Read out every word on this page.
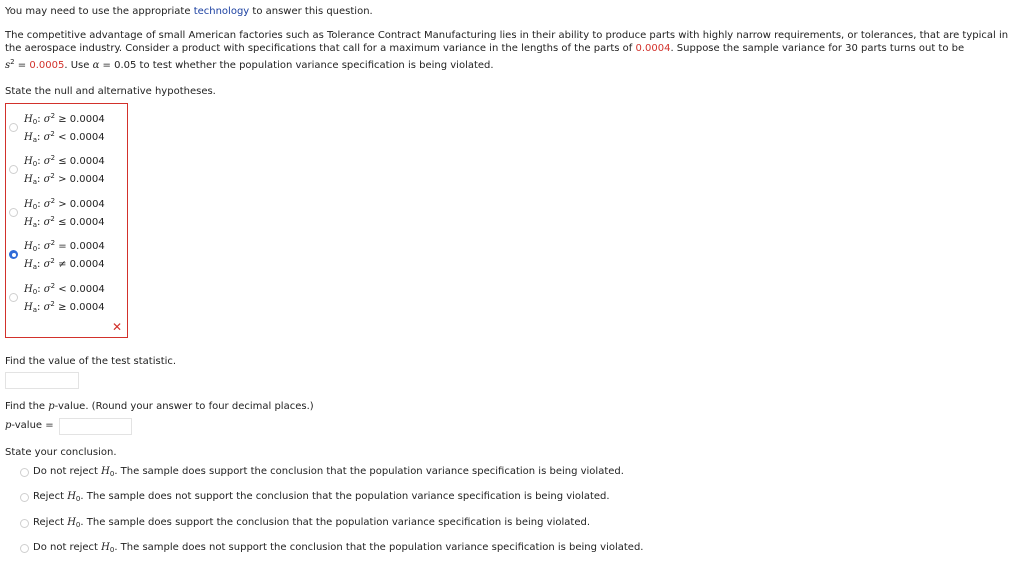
You may need to use the appropriate technology to answer this question.
The competitive advantage of small American factories such as Tolerance Contract Manufacturing lies in their ability to produce parts with highly narrow requirements, or tolerances, that are typical in
the aerospace industry. Consider a product with specifications that call for a maximum variance in the lengths of the parts of 0.0004. Suppose the sample variance for 30 parts turns out to be
$s^2 = 0.0005$. Use α = 0.05 to test whether the population variance specification is being violated.
State the null and alternative hypotheses.
$H_0$: $\sigma^2 \ge 0.0004$
$H_a$: $\sigma^2 < 0.0004$
$H_0$: $\sigma^2 \le 0.0004$
$H_a$: $\sigma^2 > 0.0004$
$H_0$: $\sigma^2 > 0.0004$
$H_a$: $\sigma^2 \le 0.0004$
$H_0$: $\sigma^2 = 0.0004$
$H_a$: $\sigma^2 \ne 0.0004$
$H_0$: $\sigma^2 < 0.0004$
$H_a$: $\sigma^2 \ge 0.0004$
✕
Find the value of the test statistic.
Find the p-value. (Round your answer to four decimal places.)
p-value =
State your conclusion.
Do not reject $H_0$. The sample does support the conclusion that the population variance specification is being violated.
Reject $H_0$. The sample does not support the conclusion that the population variance specification is being violated.
Reject $H_0$. The sample does support the conclusion that the population variance specification is being violated.
Do not reject $H_0$. The sample does not support the conclusion that the population variance specification is being violated.
